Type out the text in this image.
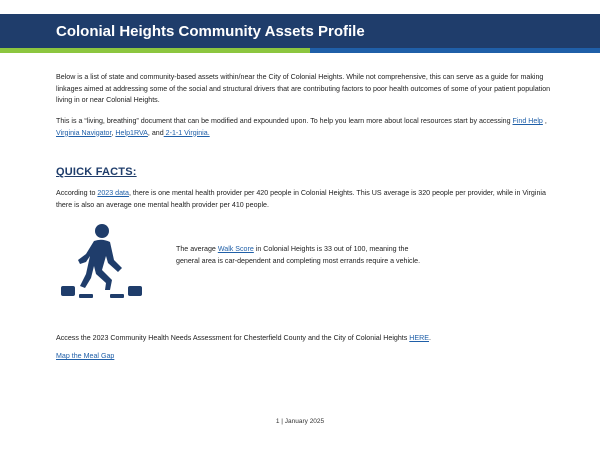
Colonial Heights Community Assets Profile

Below is a list of state and community-based assets within/near the City of Colonial Heights. While not comprehensive, this can serve as a guide for making linkages aimed at addressing some of the social and structural drivers that are contributing factors to poor health outcomes of some of your patient population living in or near Colonial Heights.

This is a “living, breathing” document that can be modified and expounded upon. To help you learn more about local resources start by accessing Find Help , Virginia Navigator, Help1RVA, and 2-1-1 Virginia.

QUICK FACTS:

According to 2023 data, there is one mental health provider per 420 people in Colonial Heights. This US average is 320 people per provider, while in Virginia there is also an average one mental health provider per 410 people.

The average Walk Score in Colonial Heights is 33 out of 100, meaning the general area is car-dependent and completing most errands require a vehicle.

Access the 2023 Community Health Needs Assessment for Chesterfield County and the City of Colonial Heights HERE.

Map the Meal Gap

1 | January 2025
